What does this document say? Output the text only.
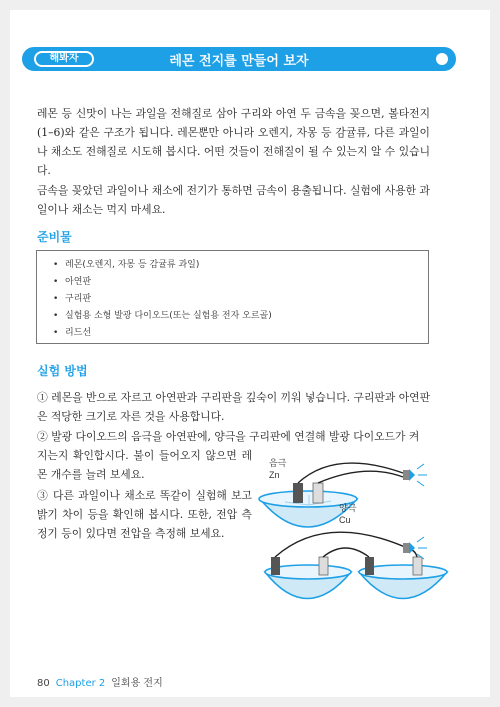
해봐자	레몬 전지를 만들어 보자

레몬 등 신맛이 나는 과일을 전해질로 삼아 구리와 아연 두 금속을 꽂으면, 볼타전지(1–6)와 같은 구조가 됩니다. 레몬뿐만 아니라 오렌지, 자몽 등 감귤류, 다른 과일이나 채소도 전해질로 시도해 봅시다. 어떤 것들이 전해질이 될 수 있는지 알 수 있습니다.

금속을 꽂았던 과일이나 채소에 전기가 통하면 금속이 용출됩니다. 실험에 사용한 과일이나 채소는 먹지 마세요.

준비물
• 레몬(오렌지, 자몽 등 감귤류 과일)
• 아연판
• 구리판
• 실험용 소형 발광 다이오드(또는 실험용 전자 오르골)
• 리드선
실험 방법

① 레몬을 반으로 자르고 아연판과 구리판을 깊숙이 끼워 넣습니다. 구리판과 아연판은 적당한 크기로 자른 것을 사용합니다.

② 발광 다이오드의 음극을 아연판에, 양극을 구리판에 연결해 발광 다이오드가 켜

지는지 확인합시다. 불이 들어오지 않으면 레몬 개수를 늘려 보세요.

③ 다른 과일이나 채소로 똑같이 실험해 보고 밝기 차이 등을 확인해 봅시다. 또한, 전압 측정기 등이 있다면 전압을 측정해 보세요.

음극
Zn
양극
Cu
80 Chapter 2 일회용 전지
